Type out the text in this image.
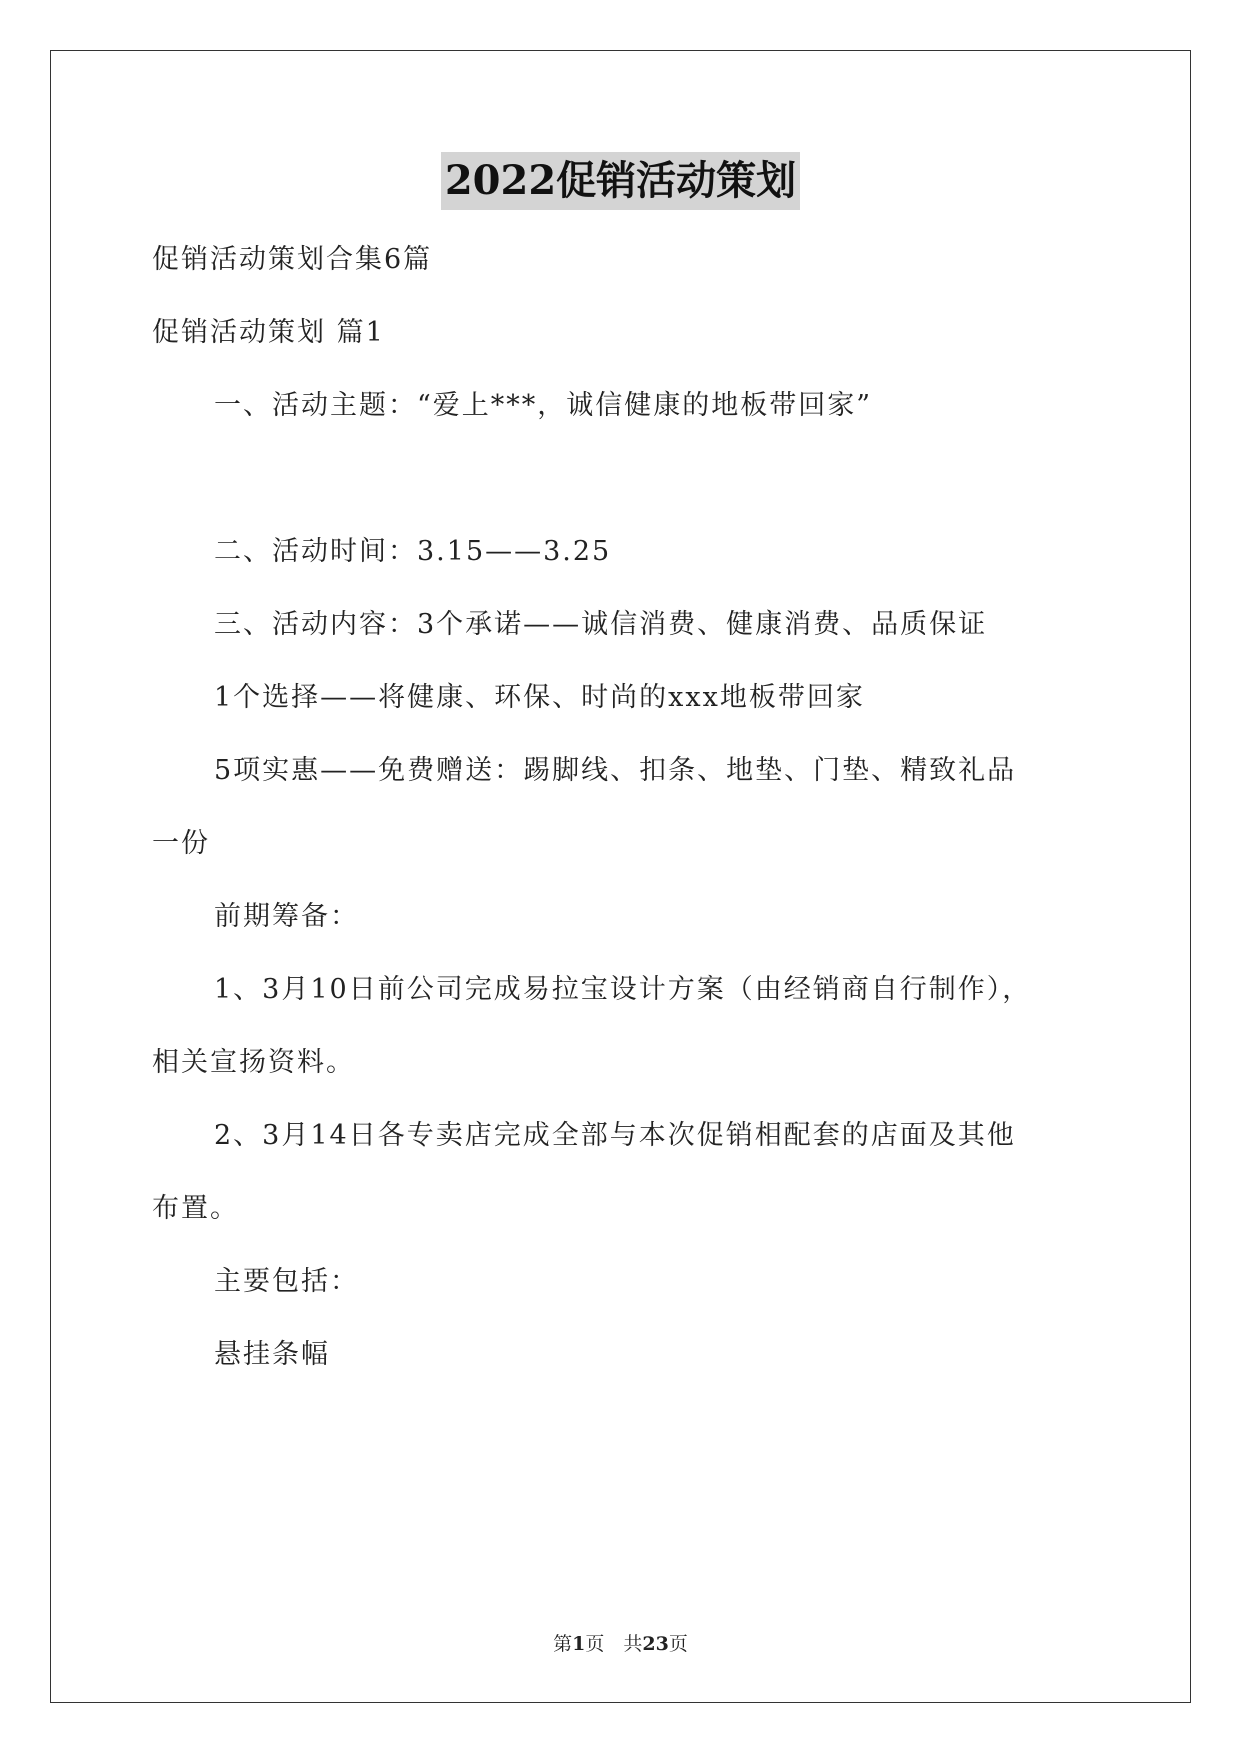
2022促销活动策划
促销活动策划合集6篇
促销活动策划 篇1
一、活动主题：“爱上***，诚信健康的地板带回家”
二、活动时间：3.15——3.25
三、活动内容：3个承诺——诚信消费、健康消费、品质保证
1个选择——将健康、环保、时尚的xxx地板带回家
5项实惠——免费赠送：踢脚线、扣条、地垫、门垫、精致礼品
一份
前期筹备：
1、3月10日前公司完成易拉宝设计方案（由经销商自行制作），
相关宣扬资料。
2、3月14日各专卖店完成全部与本次促销相配套的店面及其他
布置。
主要包括：
悬挂条幅
第1页　共23页
